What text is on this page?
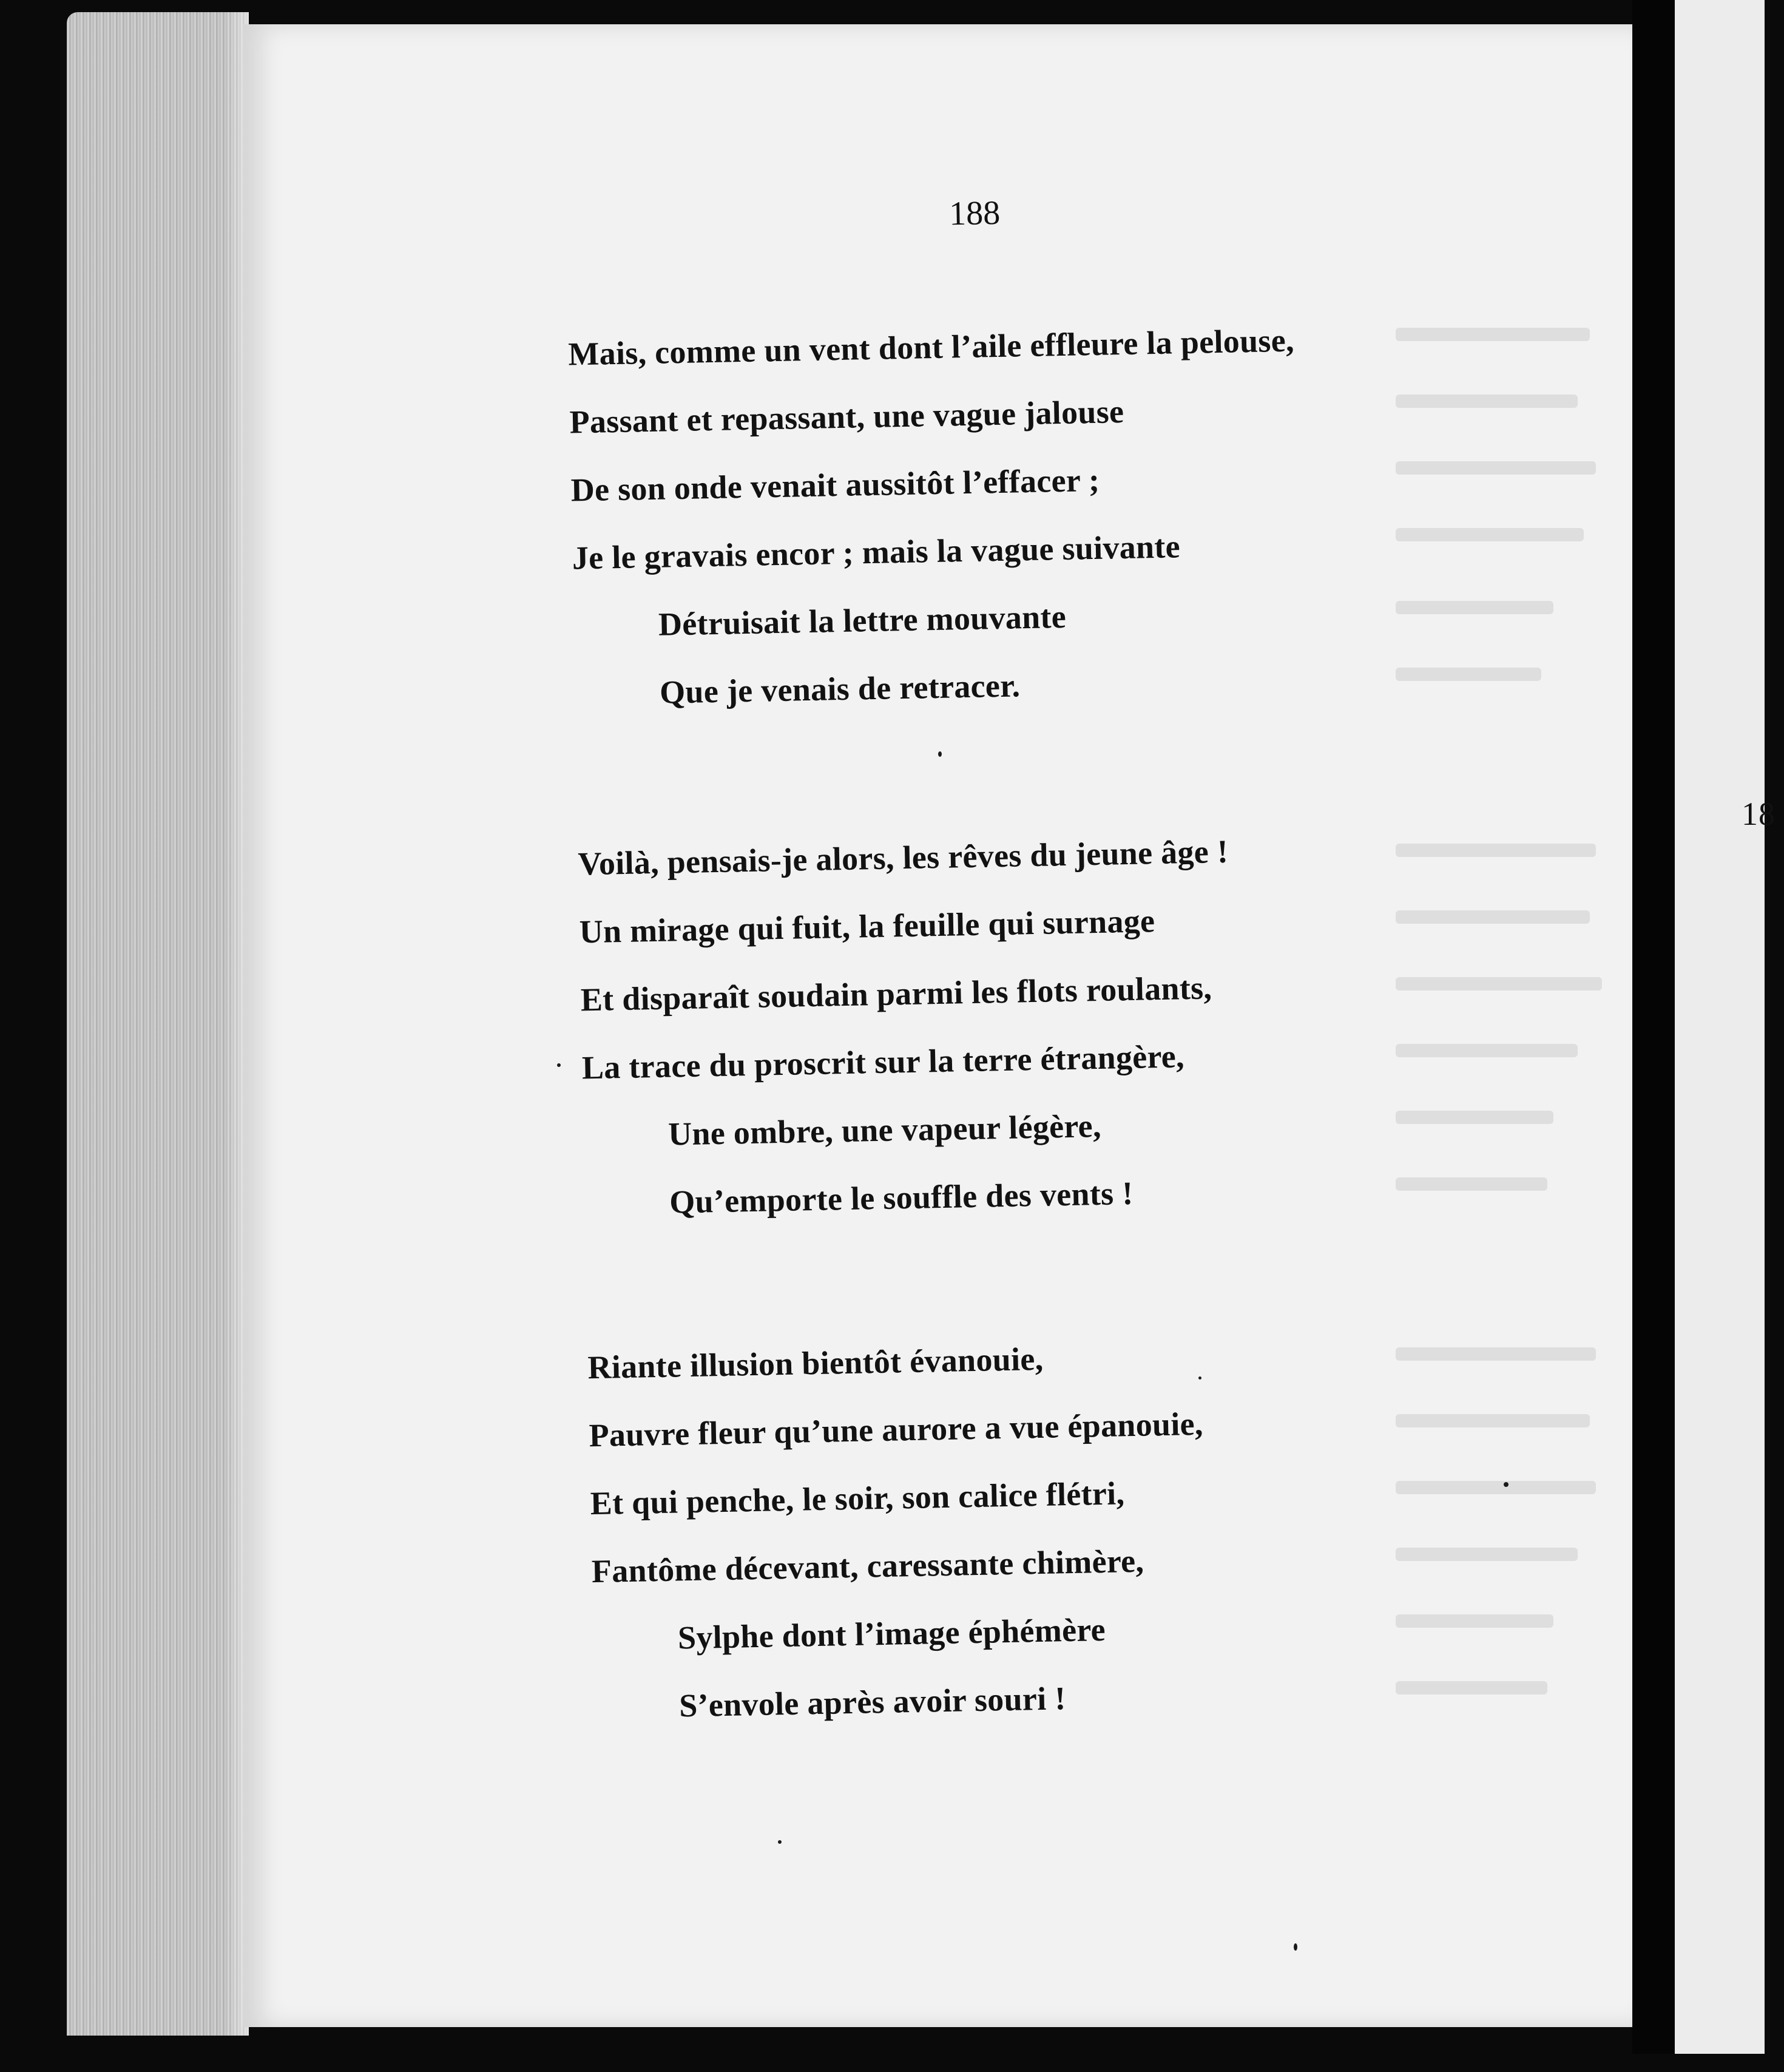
18
188
Mais, comme un vent dont l’aile effleure la pelouse,
Passant et repassant, une vague jalouse
De son onde venait aussitôt l’effacer ;
Je le gravais encor ; mais la vague suivante
Détruisait la lettre mouvante
Que je venais de retracer.
Voilà, pensais-je alors, les rêves du jeune âge !
Un mirage qui fuit, la feuille qui surnage
Et disparaît soudain parmi les flots roulants,
La trace du proscrit sur la terre étrangère,
Une ombre, une vapeur légère,
Qu’emporte le souffle des vents !
Riante illusion bientôt évanouie,
Pauvre fleur qu’une aurore a vue épanouie,
Et qui penche, le soir, son calice flétri,
Fantôme décevant, caressante chimère,
Sylphe dont l’image éphémère
S’envole après avoir souri !
